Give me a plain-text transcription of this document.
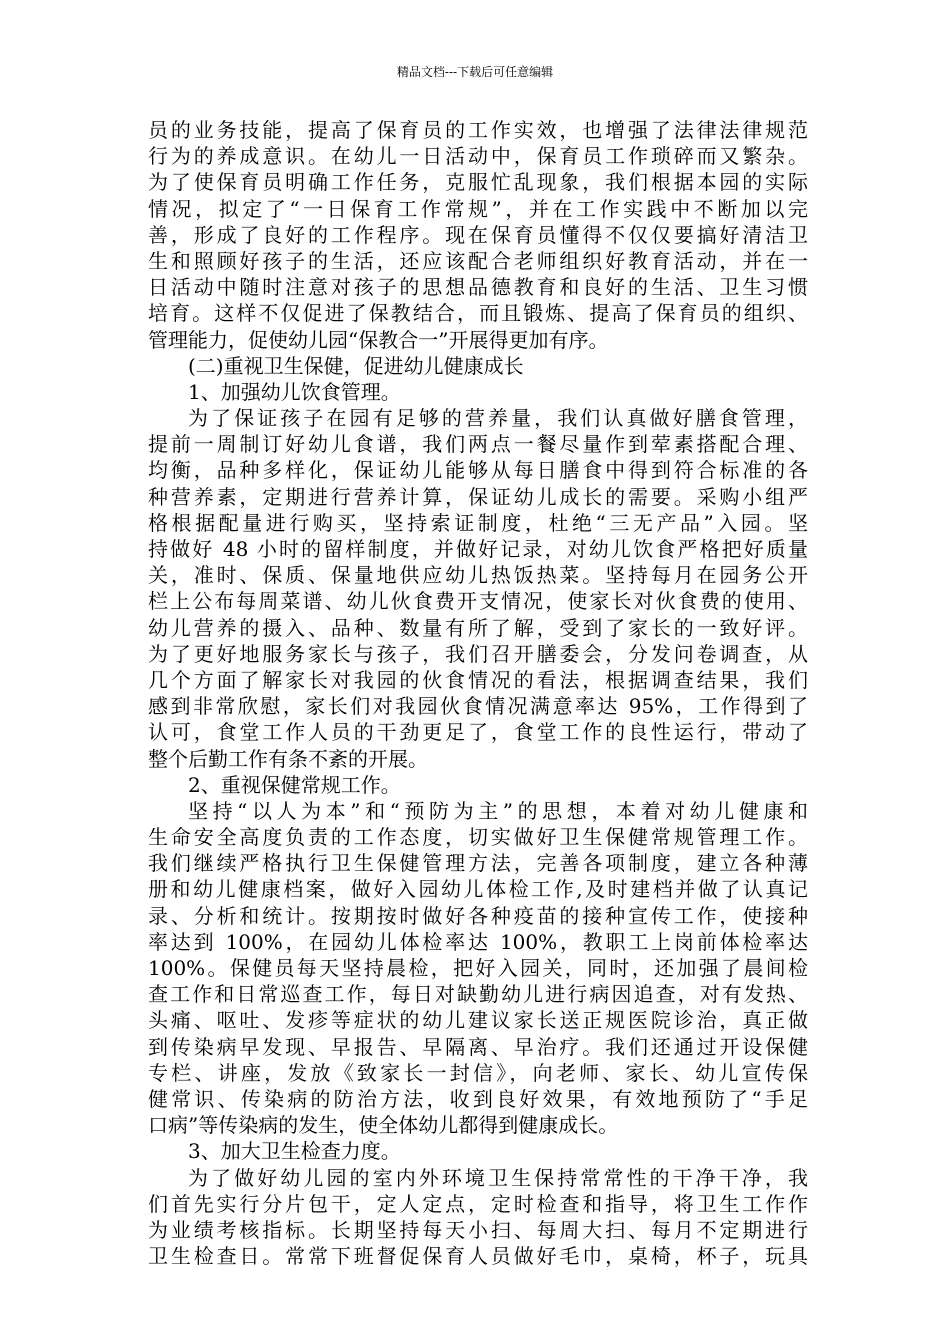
精品文档---下载后可任意编辑
员的业务技能，提高了保育员的工作实效，也增强了法律法律规范
行为的养成意识。在幼儿一日活动中，保育员工作琐碎而又繁杂。
为了使保育员明确工作任务，克服忙乱现象，我们根据本园的实际
情况，拟定了“一日保育工作常规”，并在工作实践中不断加以完
善，形成了良好的工作程序。现在保育员懂得不仅仅要搞好清洁卫
生和照顾好孩子的生活，还应该配合老师组织好教育活动，并在一
日活动中随时注意对孩子的思想品德教育和良好的生活、卫生习惯
培育。这样不仅促进了保教结合，而且锻炼、提高了保育员的组织、
管理能力，促使幼儿园“保教合一”开展得更加有序。
(二)重视卫生保健，促进幼儿健康成长
1、加强幼儿饮食管理。
为了保证孩子在园有足够的营养量，我们认真做好膳食管理，
提前一周制订好幼儿食谱，我们两点一餐尽量作到荤素搭配合理、
均衡，品种多样化，保证幼儿能够从每日膳食中得到符合标准的各
种营养素，定期进行营养计算，保证幼儿成长的需要。采购小组严
格根据配量进行购买，坚持索证制度，杜绝“三无产品”入园。坚
持做好 48 小时的留样制度，并做好记录，对幼儿饮食严格把好质量
关，准时、保质、保量地供应幼儿热饭热菜。坚持每月在园务公开
栏上公布每周菜谱、幼儿伙食费开支情况，使家长对伙食费的使用、
幼儿营养的摄入、品种、数量有所了解，受到了家长的一致好评。
为了更好地服务家长与孩子，我们召开膳委会，分发问卷调查，从
几个方面了解家长对我园的伙食情况的看法，根据调查结果，我们
感到非常欣慰，家长们对我园伙食情况满意率达 95%，工作得到了
认可，食堂工作人员的干劲更足了，食堂工作的良性运行，带动了
整个后勤工作有条不紊的开展。
2、重视保健常规工作。
坚持“以人为本”和“预防为主”的思想，本着对幼儿健康和
生命安全高度负责的工作态度，切实做好卫生保健常规管理工作。
我们继续严格执行卫生保健管理方法，完善各项制度，建立各种薄
册和幼儿健康档案，做好入园幼儿体检工作,及时建档并做了认真记
录、分析和统计。按期按时做好各种疫苗的接种宣传工作，使接种
率达到 100%，在园幼儿体检率达 100%，教职工上岗前体检率达
100%。保健员每天坚持晨检，把好入园关，同时，还加强了晨间检
查工作和日常巡查工作，每日对缺勤幼儿进行病因追查，对有发热、
头痛、呕吐、发疹等症状的幼儿建议家长送正规医院诊治，真正做
到传染病早发现、早报告、早隔离、早治疗。我们还通过开设保健
专栏、讲座，发放《致家长一封信》，向老师、家长、幼儿宣传保
健常识、传染病的防治方法，收到良好效果，有效地预防了“手足
口病”等传染病的发生，使全体幼儿都得到健康成长。
3、加大卫生检查力度。
为了做好幼儿园的室内外环境卫生保持常常性的干净干净，我
们首先实行分片包干，定人定点，定时检查和指导，将卫生工作作
为业绩考核指标。长期坚持每天小扫、每周大扫、每月不定期进行
卫生检查日。常常下班督促保育人员做好毛巾，桌椅，杯子，玩具
